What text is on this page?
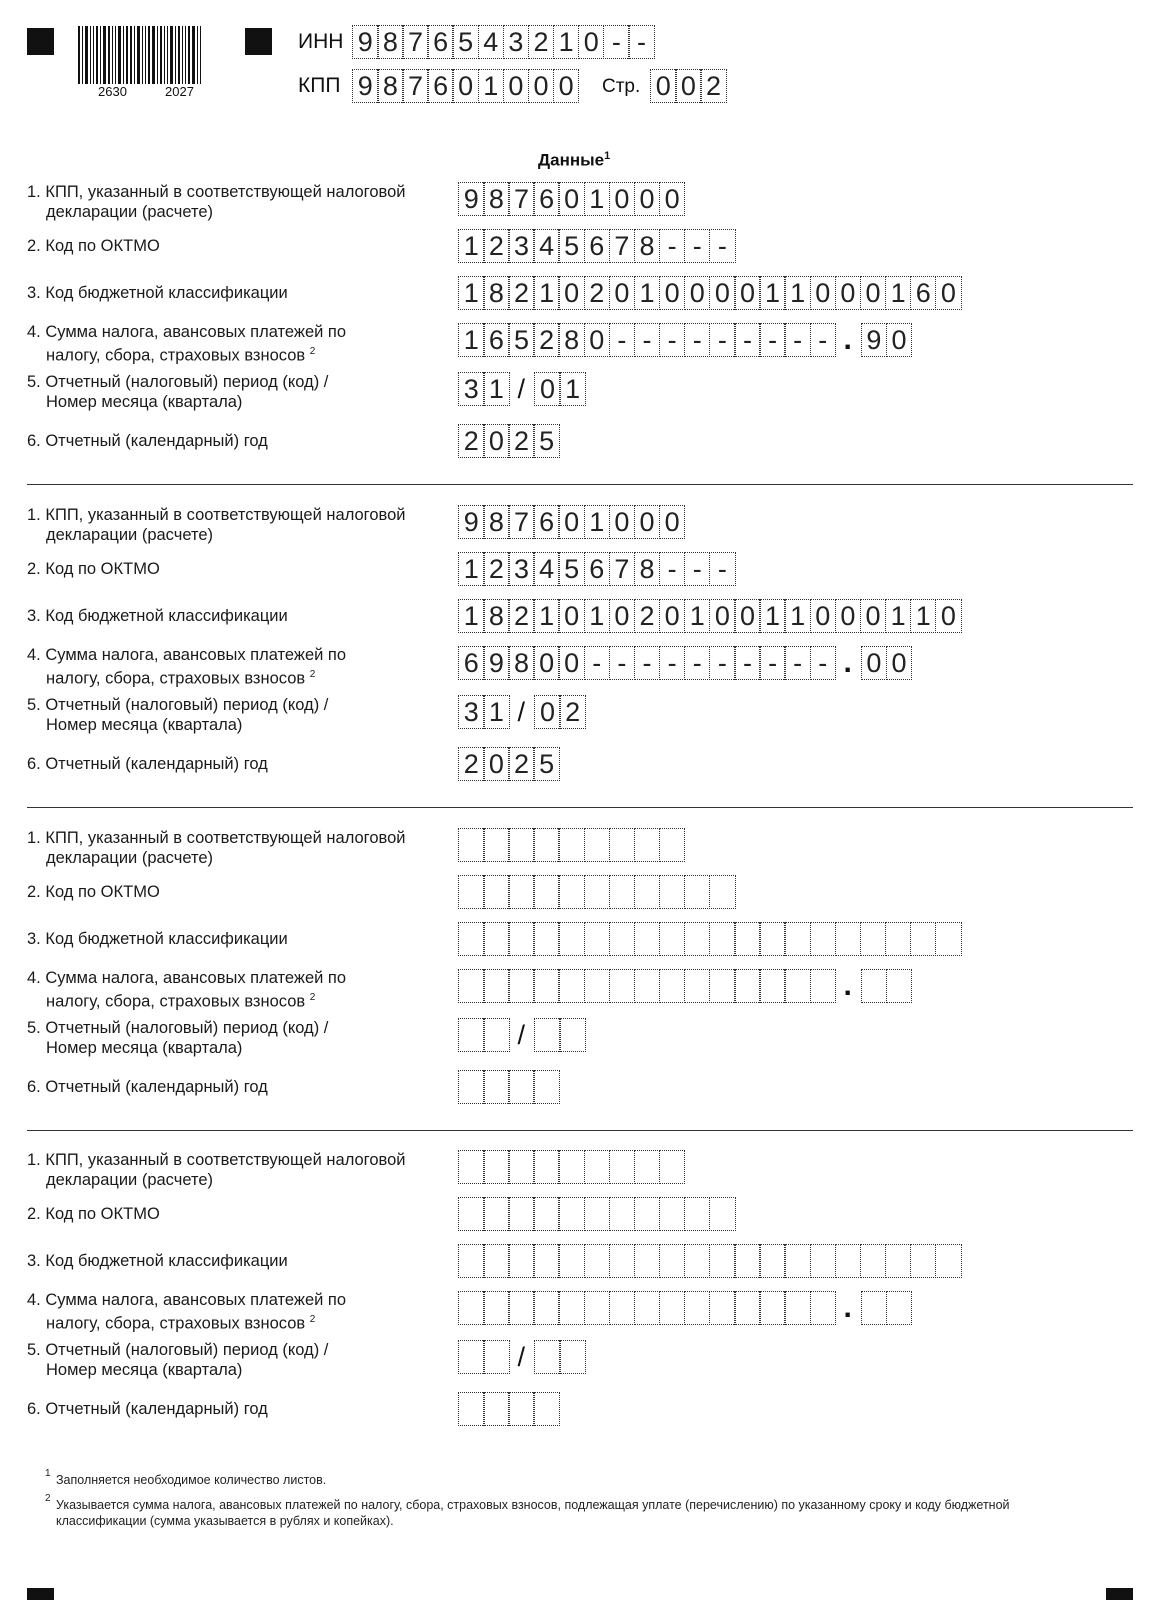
2630	2027
ИНН 9 8 7 6 5 4 3 2 1 0 - -
КПП 9 8 7 6 0 1 0 0 0	Стр. 0 0 2
Данные$^1$
1. КПП, указанный в соответствующей налоговой
декларации (расчете)
2. Код по ОКТМО
3. Код бюджетной классификации
4. Сумма налога, авансовых платежей по
налогу, сбора, страховых взносов $^2$
5. Отчетный (налоговый) период (код) /
Номер месяца (квартала)
6. Отчетный (календарный) год
9 8 7 6 0 1 0 0 0
1 2 3 4 5 6 7 8 - - -
1 8 2 1 0 2 0 1 0 0 0 0 1 1 0 0 0 1 6 0
1 6 5 2 8 0 - - - - - - - - - . 9 0
3 1 / 0 1
2 0 2 5
1. КПП, указанный в соответствующей налоговой
декларации (расчете)
2. Код по ОКТМО
3. Код бюджетной классификации
4. Сумма налога, авансовых платежей по
налогу, сбора, страховых взносов $^2$
5. Отчетный (налоговый) период (код) /
Номер месяца (квартала)
6. Отчетный (календарный) год
9 8 7 6 0 1 0 0 0
1 2 3 4 5 6 7 8 - - -
1 8 2 1 0 1 0 2 0 1 0 0 1 1 0 0 0 1 1 0
6 9 8 0 0 - - - - - - - - - - . 0 0
3 1 / 0 2
2 0 2 5
1. КПП, указанный в соответствующей налоговой
декларации (расчете)
2. Код по ОКТМО
3. Код бюджетной классификации
4. Сумма налога, авансовых платежей по
налогу, сбора, страховых взносов $^2$
5. Отчетный (налоговый) период (код) /
Номер месяца (квартала)
6. Отчетный (календарный) год
.
/
1. КПП, указанный в соответствующей налоговой
декларации (расчете)
2. Код по ОКТМО
3. Код бюджетной классификации
4. Сумма налога, авансовых платежей по
налогу, сбора, страховых взносов $^2$
5. Отчетный (налоговый) период (код) /
Номер месяца (квартала)
6. Отчетный (календарный) год
.
/
1 Заполняется необходимое количество листов.
2 Указывается сумма налога, авансовых платежей по налогу, сбора, страховых взносов, подлежащая уплате (перечислению) по указанному сроку и коду бюджетной
классификации (сумма указывается в рублях и копейках).
